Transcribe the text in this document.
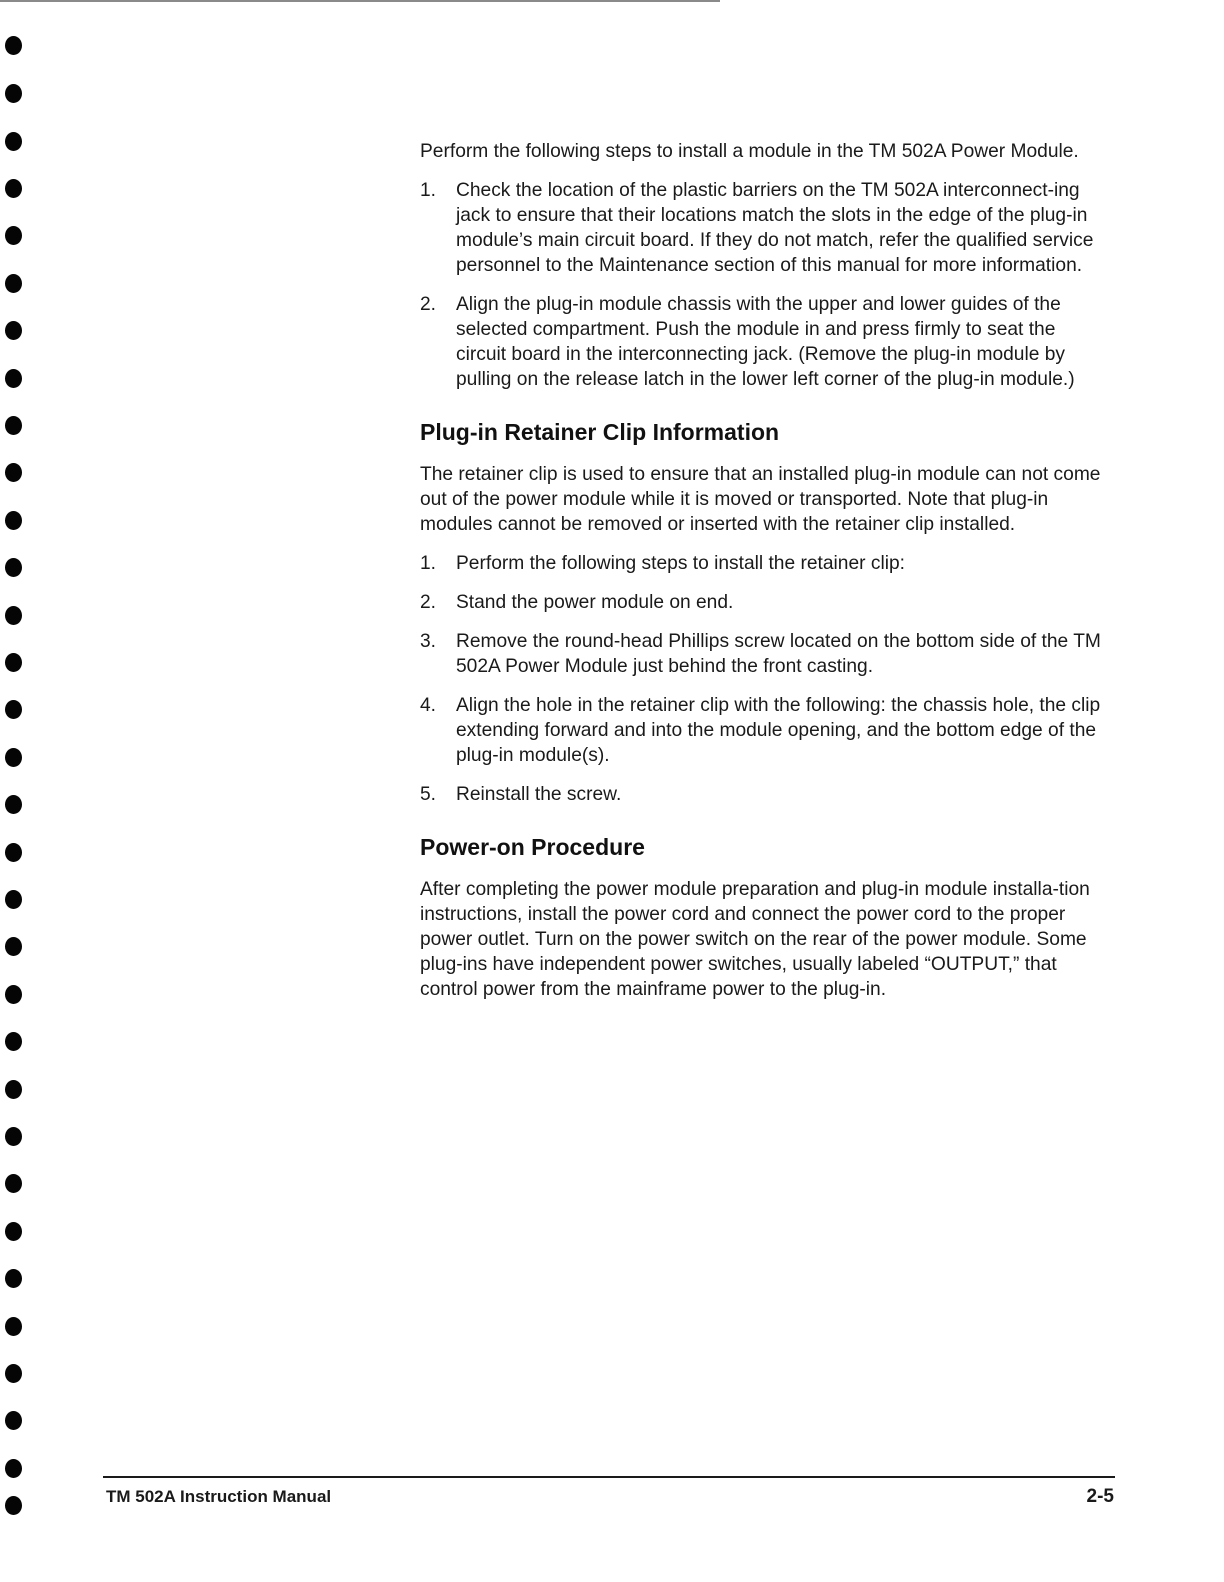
Perform the following steps to install a module in the TM 502A Power Module.

1. Check the location of the plastic barriers on the TM 502A interconnect-ing jack to ensure that their locations match the slots in the edge of the plug-in module’s main circuit board. If they do not match, refer the qualified service personnel to the Maintenance section of this manual for more information.
2. Align the plug-in module chassis with the upper and lower guides of the selected compartment. Push the module in and press firmly to seat the circuit board in the interconnecting jack. (Remove the plug-in module by pulling on the release latch in the lower left corner of the plug-in module.)
Plug-in Retainer Clip Information

The retainer clip is used to ensure that an installed plug-in module can not come out of the power module while it is moved or transported. Note that plug-in modules cannot be removed or inserted with the retainer clip installed.

1. Perform the following steps to install the retainer clip:
2. Stand the power module on end.
3. Remove the round-head Phillips screw located on the bottom side of the TM 502A Power Module just behind the front casting.
4. Align the hole in the retainer clip with the following: the chassis hole, the clip extending forward and into the module opening, and the bottom edge of the plug-in module(s).
5. Reinstall the screw.
Power-on Procedure

After completing the power module preparation and plug-in module installa-tion instructions, install the power cord and connect the power cord to the proper power outlet. Turn on the power switch on the rear of the power module. Some plug-ins have independent power switches, usually labeled “OUTPUT,” that control power from the mainframe power to the plug-in.

TM 502A Instruction Manual	2-5
